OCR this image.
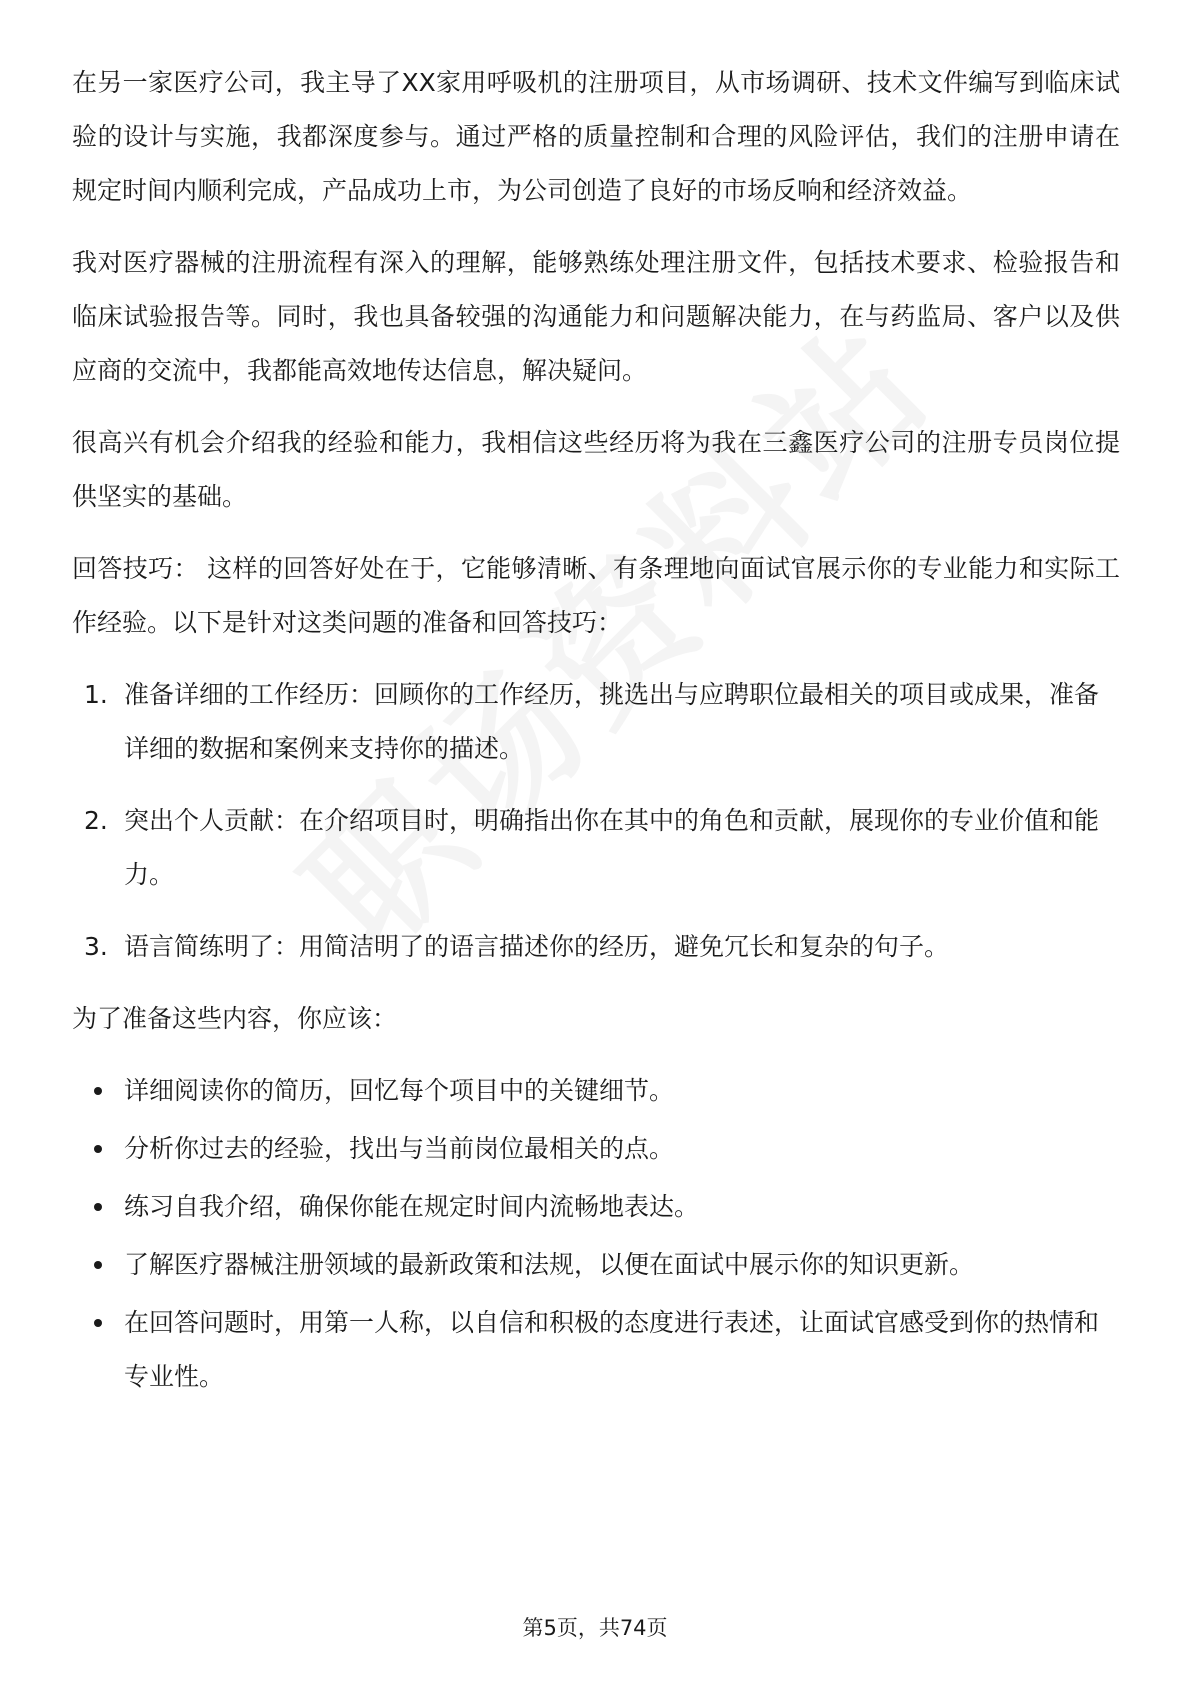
在另一家医疗公司，我主导了XX家用呼吸机的注册项目，从市场调研、技术文件编写到临床试验的设计与实施，我都深度参与。通过严格的质量控制和合理的风险评估，我们的注册申请在规定时间内顺利完成，产品成功上市，为公司创造了良好的市场反响和经济效益。

我对医疗器械的注册流程有深入的理解，能够熟练处理注册文件，包括技术要求、检验报告和临床试验报告等。同时，我也具备较强的沟通能力和问题解决能力，在与药监局、客户以及供应商的交流中，我都能高效地传达信息，解决疑问。

很高兴有机会介绍我的经验和能力，我相信这些经历将为我在三鑫医疗公司的注册专员岗位提供坚实的基础。

回答技巧： 这样的回答好处在于，它能够清晰、有条理地向面试官展示你的专业能力和实际工作经验。以下是针对这类问题的准备和回答技巧：

1. 准备详细的工作经历：回顾你的工作经历，挑选出与应聘职位最相关的项目或成果，准备详细的数据和案例来支持你的描述。
2. 突出个人贡献：在介绍项目时，明确指出你在其中的角色和贡献，展现你的专业价值和能力。
3. 语言简练明了：用简洁明了的语言描述你的经历，避免冗长和复杂的句子。

为了准备这些内容，你应该：

详细阅读你的简历，回忆每个项目中的关键细节。
分析你过去的经验，找出与当前岗位最相关的点。
练习自我介绍，确保你能在规定时间内流畅地表达。
了解医疗器械注册领域的最新政策和法规，以便在面试中展示你的知识更新。
在回答问题时，用第一人称，以自信和积极的态度进行表述，让面试官感受到你的热情和专业性。
第5页，共74页
